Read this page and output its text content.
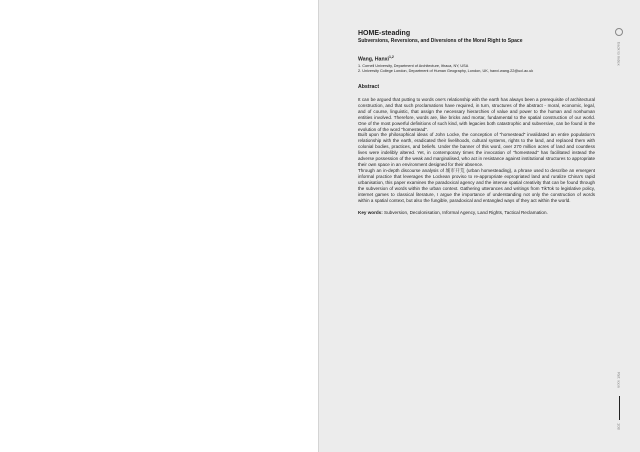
HOME-steading

Subversions, Reversions, and Diversions of the Moral Right to Space

Wang, Hanxi$^{1,2}$
1. Cornell University, Department of Architecture, Ithaca, NY, USA
2. University College London, Department of Human Geography, London, UK, hanxi.wang.22@ucl.ac.uk
Abstract

It can be argued that putting to words one's relationship with the earth has always been a prerequisite of architectural construction, and that such proclamations have required, in turn, structures of the abstract - moral, economic, legal, and of course, linguistic, that assign the necessary hierarchies of value and power to the human and nonhuman entities involved. Therefore, words are, like bricks and mortar, fundamental to the spatial construction of our world. One of the most powerful definitions of such kind, with legacies both catastrophic and subversive, can be found in the evolution of the word "homestead".

Built upon the philosophical ideas of John Locke, the conception of "homestead" invalidated an entire population's relationship with the earth, eradicated their livelihoods, cultural systems, rights to the land, and replaced them with colonial bodies, practices, and beliefs. Under the banner of this word, over 270 million acres of land and countless lives were indelibly altered. Yet, in contemporary times the invocation of "homestead" has facilitated instead the adverse possession of the weak and marginalised, who act in resistance against institutional structures to appropriate their own space in an environment designed for their absence.

Through an in-depth discourse analysis of 城市开荒 (urban homesteading), a phrase used to describe an emergent informal practice that leverages the Lockean proviso to re-appropriate expropriated land and ruralize China's rapid urbanisation, this paper examines the paradoxical agency and the intense spatial creativity that can be found through the subversion of words within the urban context. Gathering utterances and writings from TikTok to legislative policy, internet games to classical literature, I argue the importance of understanding not only the construction of words within a spatial context, but also the fungible, paradoxical and entangled ways of they act within the world.

Key words: Subversion, Decolonisation, Informal Agency, Land Rights, Tactical Reclamation.
back to index
Ref. ioon
108
